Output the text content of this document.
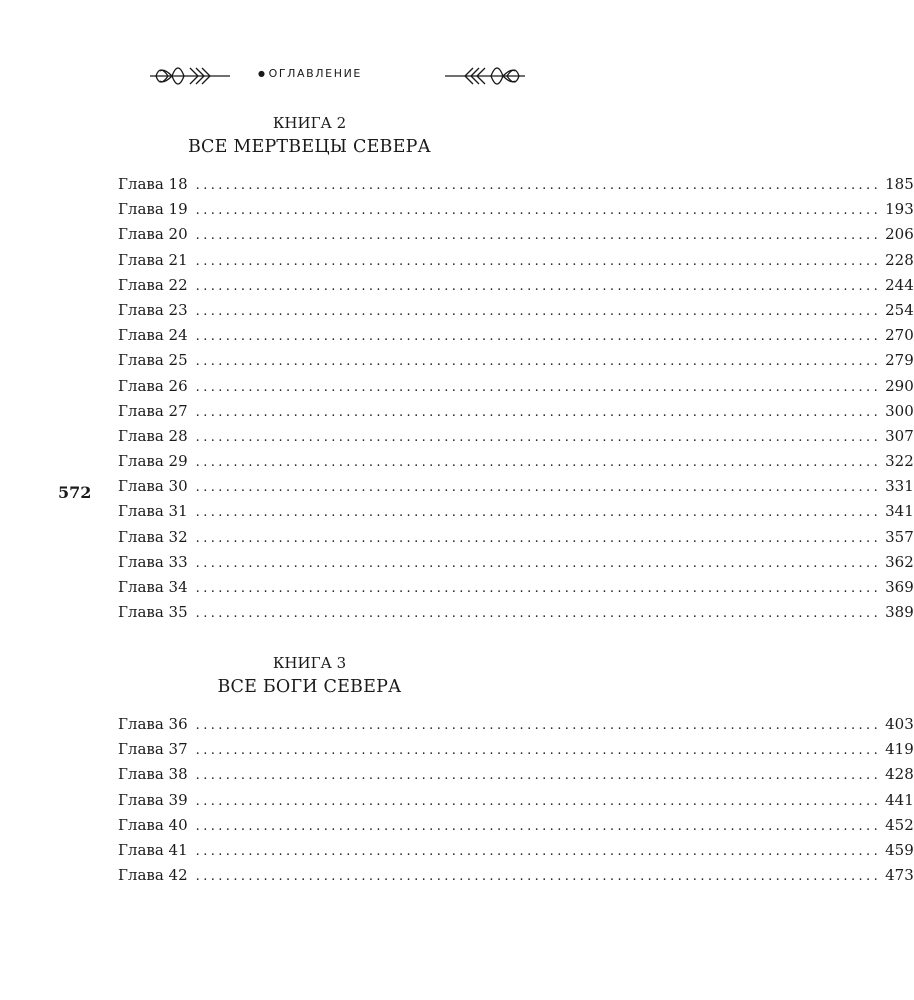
● ОГЛАВЛЕНИЕ
572
КНИГА 2
ВСЕ МЕРТВЕЦЫ СЕВЕРА
Глава 18 ........................................................................................... 185
Глава 19 ........................................................................................... 193
Глава 20 ........................................................................................... 206
Глава 21 ........................................................................................... 228
Глава 22 ........................................................................................... 244
Глава 23 ........................................................................................... 254
Глава 24 ........................................................................................... 270
Глава 25 ........................................................................................... 279
Глава 26 ........................................................................................... 290
Глава 27 ........................................................................................... 300
Глава 28 ........................................................................................... 307
Глава 29 ........................................................................................... 322
Глава 30 ........................................................................................... 331
Глава 31 ........................................................................................... 341
Глава 32 ........................................................................................... 357
Глава 33 ........................................................................................... 362
Глава 34 ........................................................................................... 369
Глава 35 ........................................................................................... 389
КНИГА 3
ВСЕ БОГИ СЕВЕРА
Глава 36 ........................................................................................... 403
Глава 37 ........................................................................................... 419
Глава 38 ........................................................................................... 428
Глава 39 ........................................................................................... 441
Глава 40 ........................................................................................... 452
Глава 41 ........................................................................................... 459
Глава 42 ........................................................................................... 473
